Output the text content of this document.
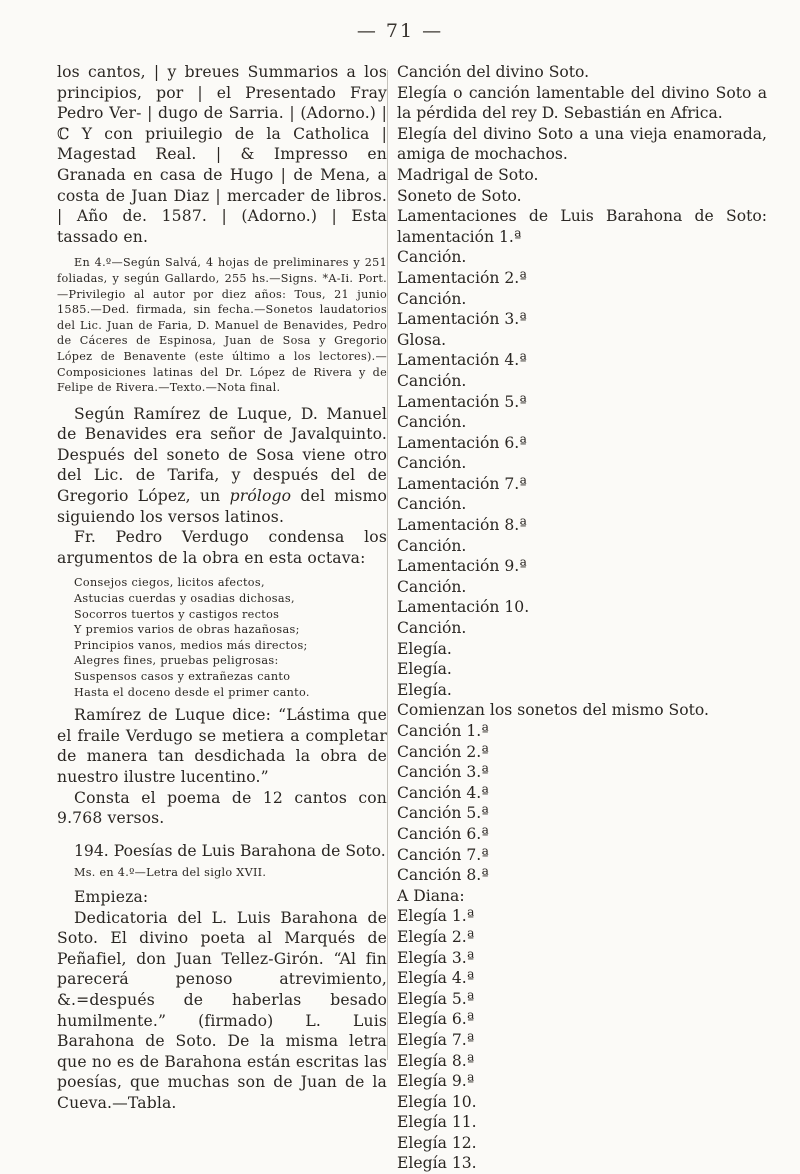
— 71 —

los cantos, | y breues Summarios a los principios, por | el Presentado Fray Pedro Ver- | dugo de Sarria. | (Adorno.) | ℂ Y con priuilegio de la Catholica | Magestad Real. | & Impresso en Granada en casa de Hugo | de Mena, a costa de Juan Diaz | mercader de libros. | Año de. 1587. | (Adorno.) | Esta tassado en.

En 4.º—Según Salvá, 4 hojas de preliminares y 251 foliadas, y según Gallardo, 255 hs.—Signs. *A-Ii. Port.—Privilegio al autor por diez años: Tous, 21 junio 1585.—Ded. firmada, sin fecha.—Sonetos laudatorios del Lic. Juan de Faria, D. Manuel de Benavides, Pedro de Cáceres de Espinosa, Juan de Sosa y Gregorio López de Benavente (este último a los lectores).—Composiciones latinas del Dr. López de Rivera y de Felipe de Rivera.—Texto.—Nota final.

Según Ramírez de Luque, D. Manuel de Benavides era señor de Javalquinto. Después del soneto de Sosa viene otro del Lic. de Tarifa, y después del de Gregorio López, un prólogo del mismo siguiendo los versos latinos.

Fr. Pedro Verdugo condensa los argumentos de la obra en esta octava:

Consejos ciegos, licitos afectos,
Astucias cuerdas y osadias dichosas,
Socorros tuertos y castigos rectos
Y premios varios de obras hazañosas;
Principios vanos, medios más directos;
Alegres fines, pruebas peligrosas:
Suspensos casos y extrañezas canto
Hasta el doceno desde el primer canto.

Ramírez de Luque dice: “Lástima que el fraile Verdugo se metiera a completar de manera tan desdichada la obra de nuestro ilustre lucentino.”

Consta el poema de 12 cantos con 9.768 versos.

194. Poesías de Luis Barahona de Soto.

Ms. en 4.º—Letra del siglo XVII.

Empieza:

Dedicatoria del L. Luis Barahona de Soto. El divino poeta al Marqués de Peñafiel, don Juan Tellez-Girón. “Al fin parecerá penoso atrevimiento, &.=después de haberlas besado humilmente.” (firmado) L. Luis Barahona de Soto. De la misma letra que no es de Barahona están escritas las poesías, que muchas son de Juan de la Cueva.—Tabla.

Canción del divino Soto.
Elegía o canción lamentable del divino Soto a la pérdida del rey D. Sebastián en Africa.
Elegía del divino Soto a una vieja enamorada, amiga de mochachos.
Madrigal de Soto.
Soneto de Soto.
Lamentaciones de Luis Barahona de Soto: lamentación 1.ª
Canción.
Lamentación 2.ª
Canción.
Lamentación 3.ª
Glosa.
Lamentación 4.ª
Canción.
Lamentación 5.ª
Canción.
Lamentación 6.ª
Canción.
Lamentación 7.ª
Canción.
Lamentación 8.ª
Canción.
Lamentación 9.ª
Canción.
Lamentación 10.
Canción.
Elegía.
Elegía.
Elegía.
Comienzan los sonetos del mismo Soto.
Canción 1.ª
Canción 2.ª
Canción 3.ª
Canción 4.ª
Canción 5.ª
Canción 6.ª
Canción 7.ª
Canción 8.ª
A Diana:
Elegía 1.ª
Elegía 2.ª
Elegía 3.ª
Elegía 4.ª
Elegía 5.ª
Elegía 6.ª
Elegía 7.ª
Elegía 8.ª
Elegía 9.ª
Elegía 10.
Elegía 11.
Elegía 12.
Elegía 13.
